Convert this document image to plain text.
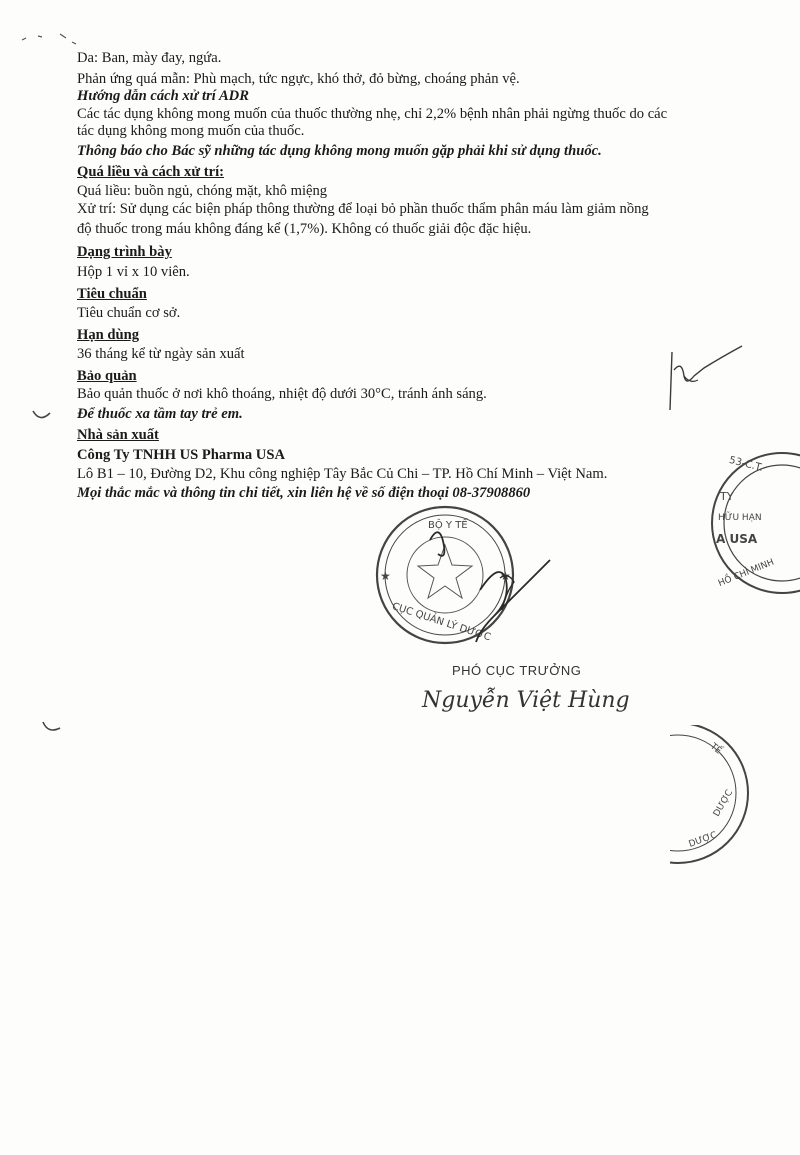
Da: Ban, mày đay, ngứa.
Phản ứng quá mẫn: Phù mạch, tức ngực, khó thở, đỏ bừng, choáng phản vệ.
Hướng dẫn cách xử trí ADR
Các tác dụng không mong muốn của thuốc thường nhẹ, chỉ 2,2% bệnh nhân phải ngừng thuốc do các
tác dụng không mong muốn của thuốc.
Thông báo cho Bác sỹ những tác dụng không mong muốn gặp phải khi sử dụng thuốc.
Quá liều và cách xử trí:
Quá liều: buồn ngủ, chóng mặt, khô miệng
Xử trí: Sử dụng các biện pháp thông thường để loại bỏ phần thuốc thẩm phân máu làm giảm nồng
độ thuốc trong máu không đáng kể (1,7%). Không có thuốc giải độc đặc hiệu.
Dạng trình bày
Hộp 1 vỉ x 10 viên.
Tiêu chuẩn
Tiêu chuẩn cơ sở.
Hạn dùng
36 tháng kể từ ngày sản xuất
Bảo quản
Bảo quản thuốc ở nơi khô thoáng, nhiệt độ dưới 30°C, tránh ánh sáng.
Để thuốc xa tầm tay trẻ em.
Nhà sản xuất
Công Ty TNHH US Pharma USA
Lô B1 – 10, Đường D2, Khu công nghiệp Tây Bắc Củ Chi – TP. Hồ Chí Minh – Việt Nam.
Mọi thắc mắc và thông tin chi tiết, xin liên hệ về số điện thoại 08-37908860
53-C.T.
TY
HỮU HẠN
A USA
HỒ CHÍ MINH
BỘ Y TẾ
CỤC QUẢN LÝ DƯỢC
★	★
PHÓ CỤC TRƯỞNG
Nguyễn Việt Hùng
TẾ
DƯỢC
DƯỢC
